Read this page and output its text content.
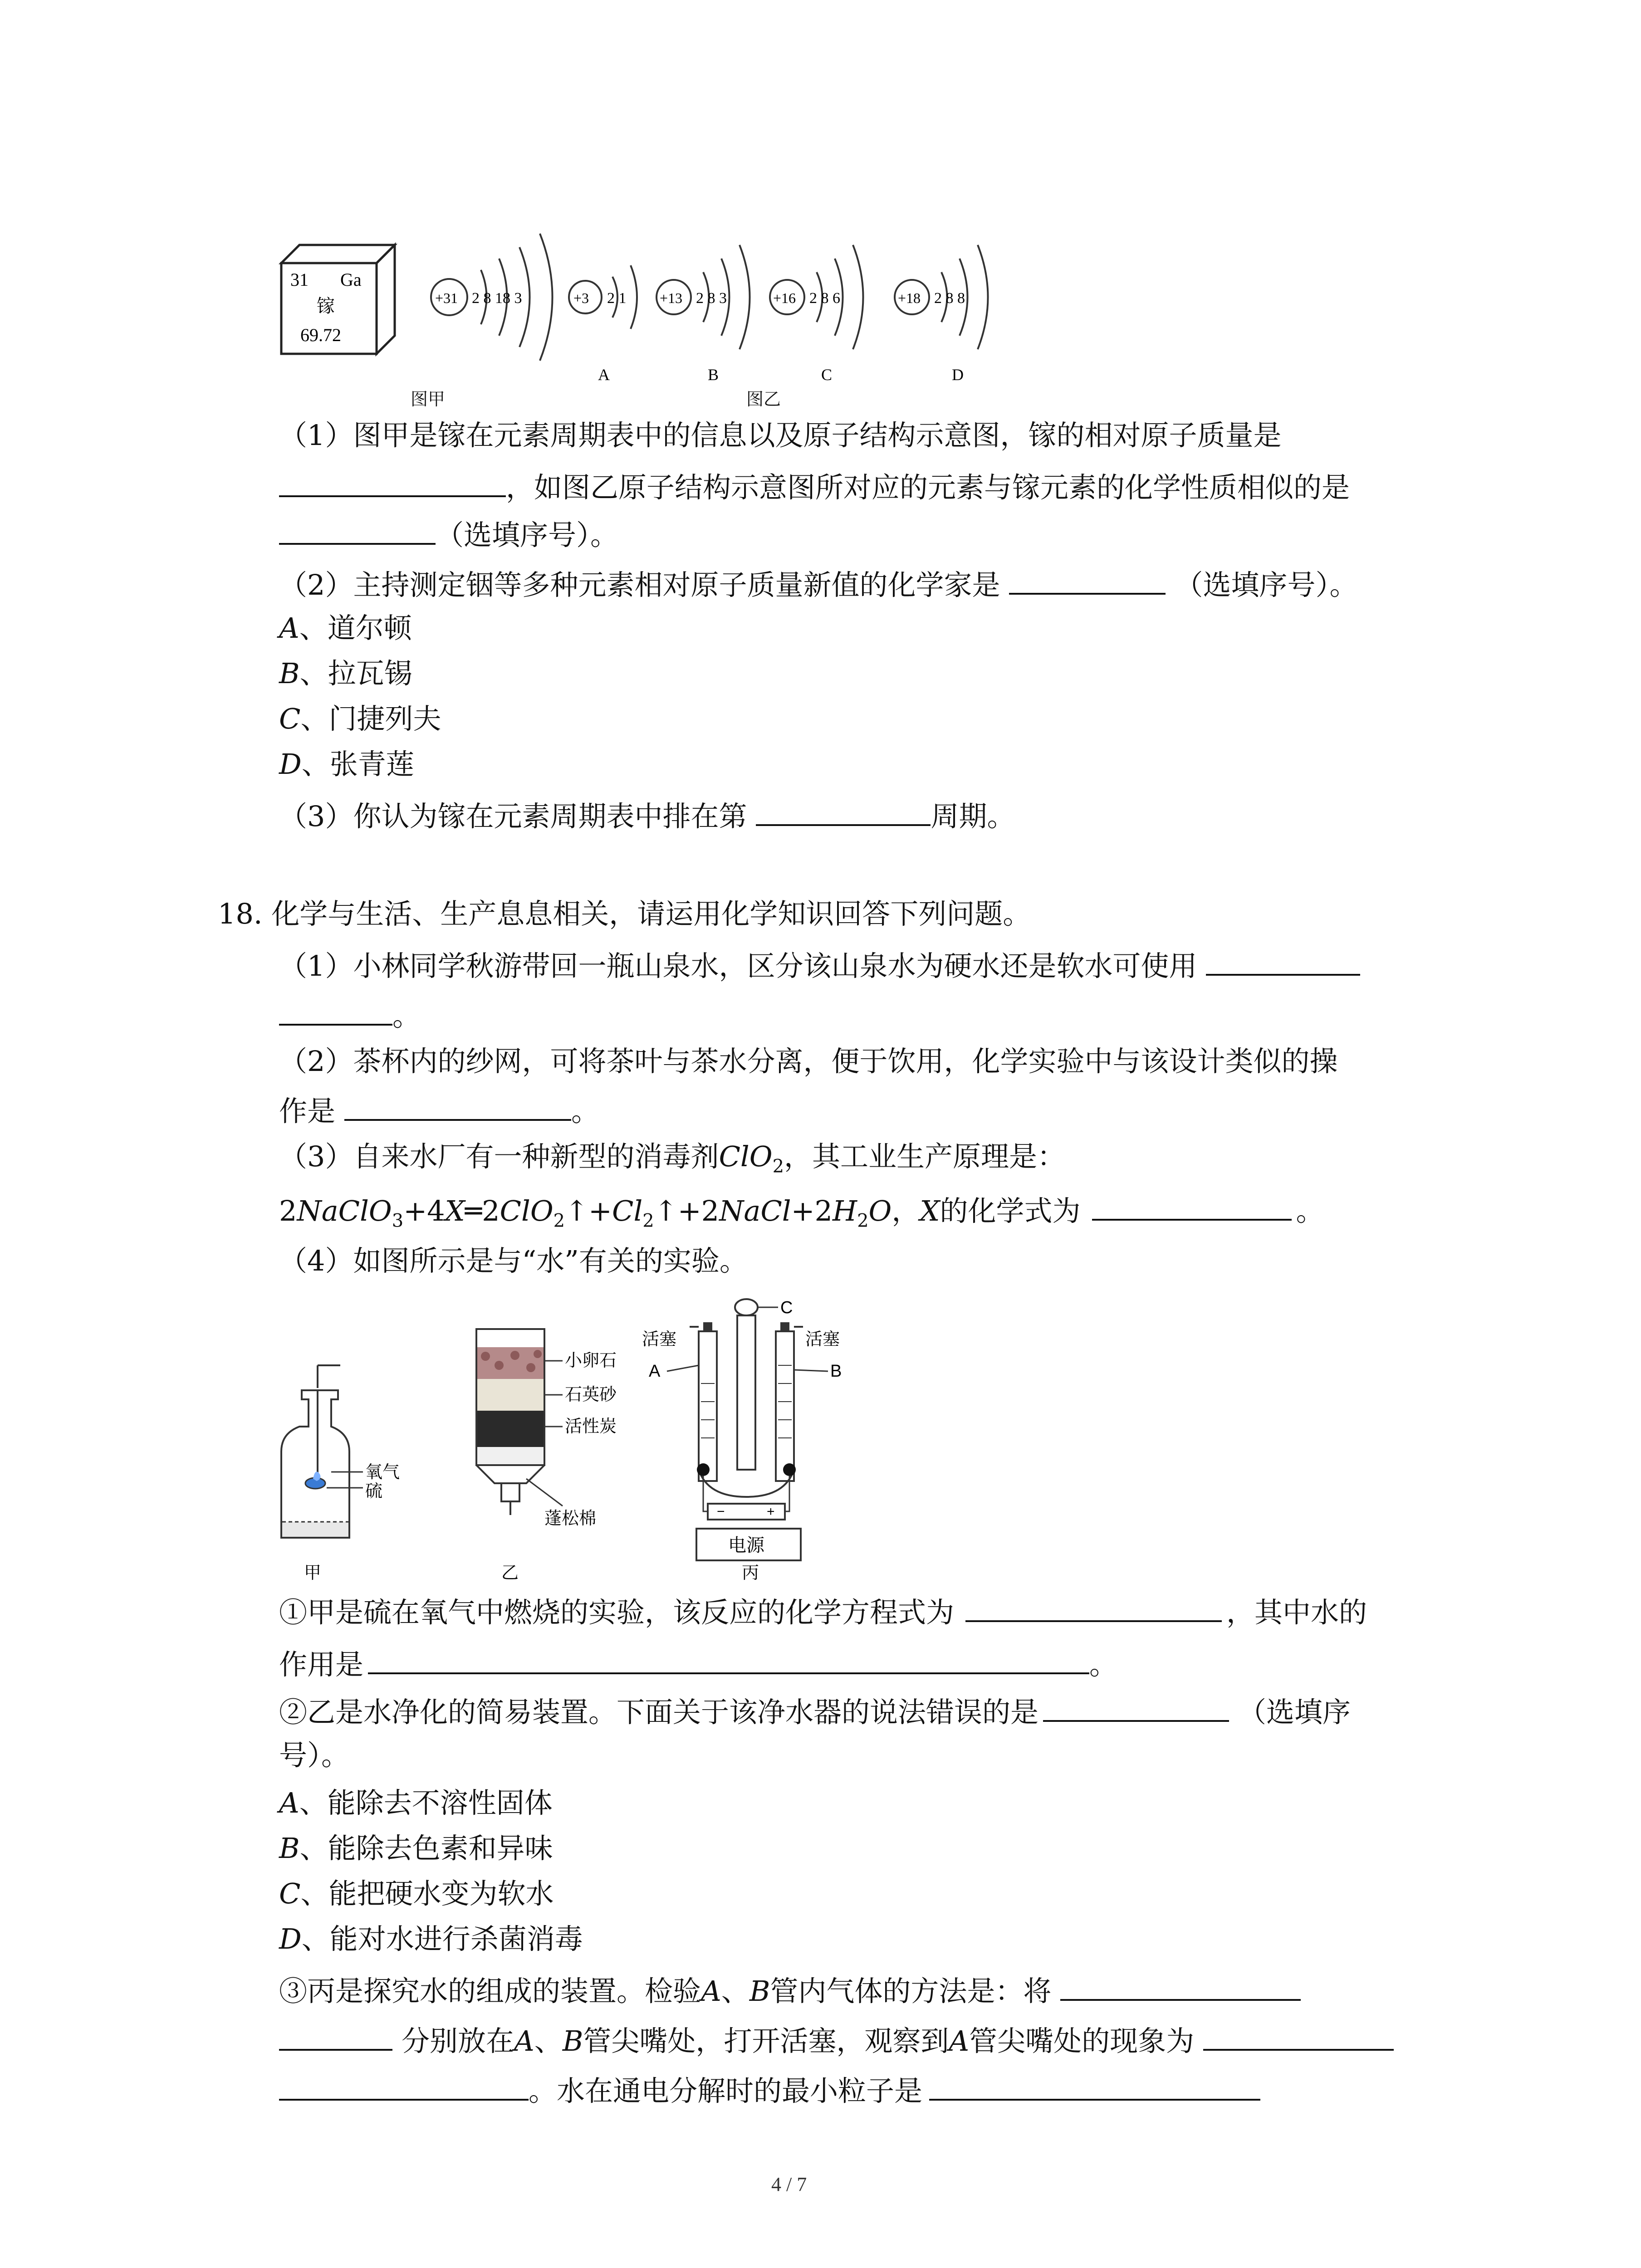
31 Ga
镓
69.72
+31 2 8 18 3	+3 2 1
A
+13 2 8 3
B
+16 2 8 6
C
+18 2 8 8
D
图甲	图乙
（1）图甲是镓在元素周期表中的信息以及原子结构示意图，镓的相对原子质量是
，如图乙原子结构示意图所对应的元素与镓元素的化学性质相似的是
（选填序号）。
（2）主持测定铟等多种元素相对原子质量新值的化学家是	（选填序号）。
A、道尔顿
B、拉瓦锡
C、门捷列夫
D、张青莲
（3）你认为镓在元素周期表中排在第	周期。
18. 化学与生活、生产息息相关，请运用化学知识回答下列问题。
（1）小林同学秋游带回一瓶山泉水，区分该山泉水为硬水还是软水可使用
。
（2）茶杯内的纱网，可将茶叶与茶水分离，便于饮用，化学实验中与该设计类似的操
作是	。
（3）自来水厂有一种新型的消毒剂ClO$_2$，其工业生产原理是：
$2NaClO_3+4X═2ClO_2↑+Cl_2↑+2NaCl+2H_2O$，X的化学式为	。
（4）如图所示是与“水”有关的实验。
氧气
硫
甲
小卵石
石英砂
活性炭
蓬松棉
乙
C
−	+
电源
活塞	活塞
A	B
丙
①甲是硫在氧气中燃烧的实验，该反应的化学方程式为	，其中水的
作用是	。
②乙是水净化的简易装置。下面关于该净水器的说法错误的是	（选填序
号）。
A、能除去不溶性固体
B、能除去色素和异味
C、能把硬水变为软水
D、能对水进行杀菌消毒
③丙是探究水的组成的装置。检验A、B管内气体的方法是：将
分别放在A、B管尖嘴处，打开活塞，观察到A管尖嘴处的现象为
。水在通电分解时的最小粒子是
4 / 7
